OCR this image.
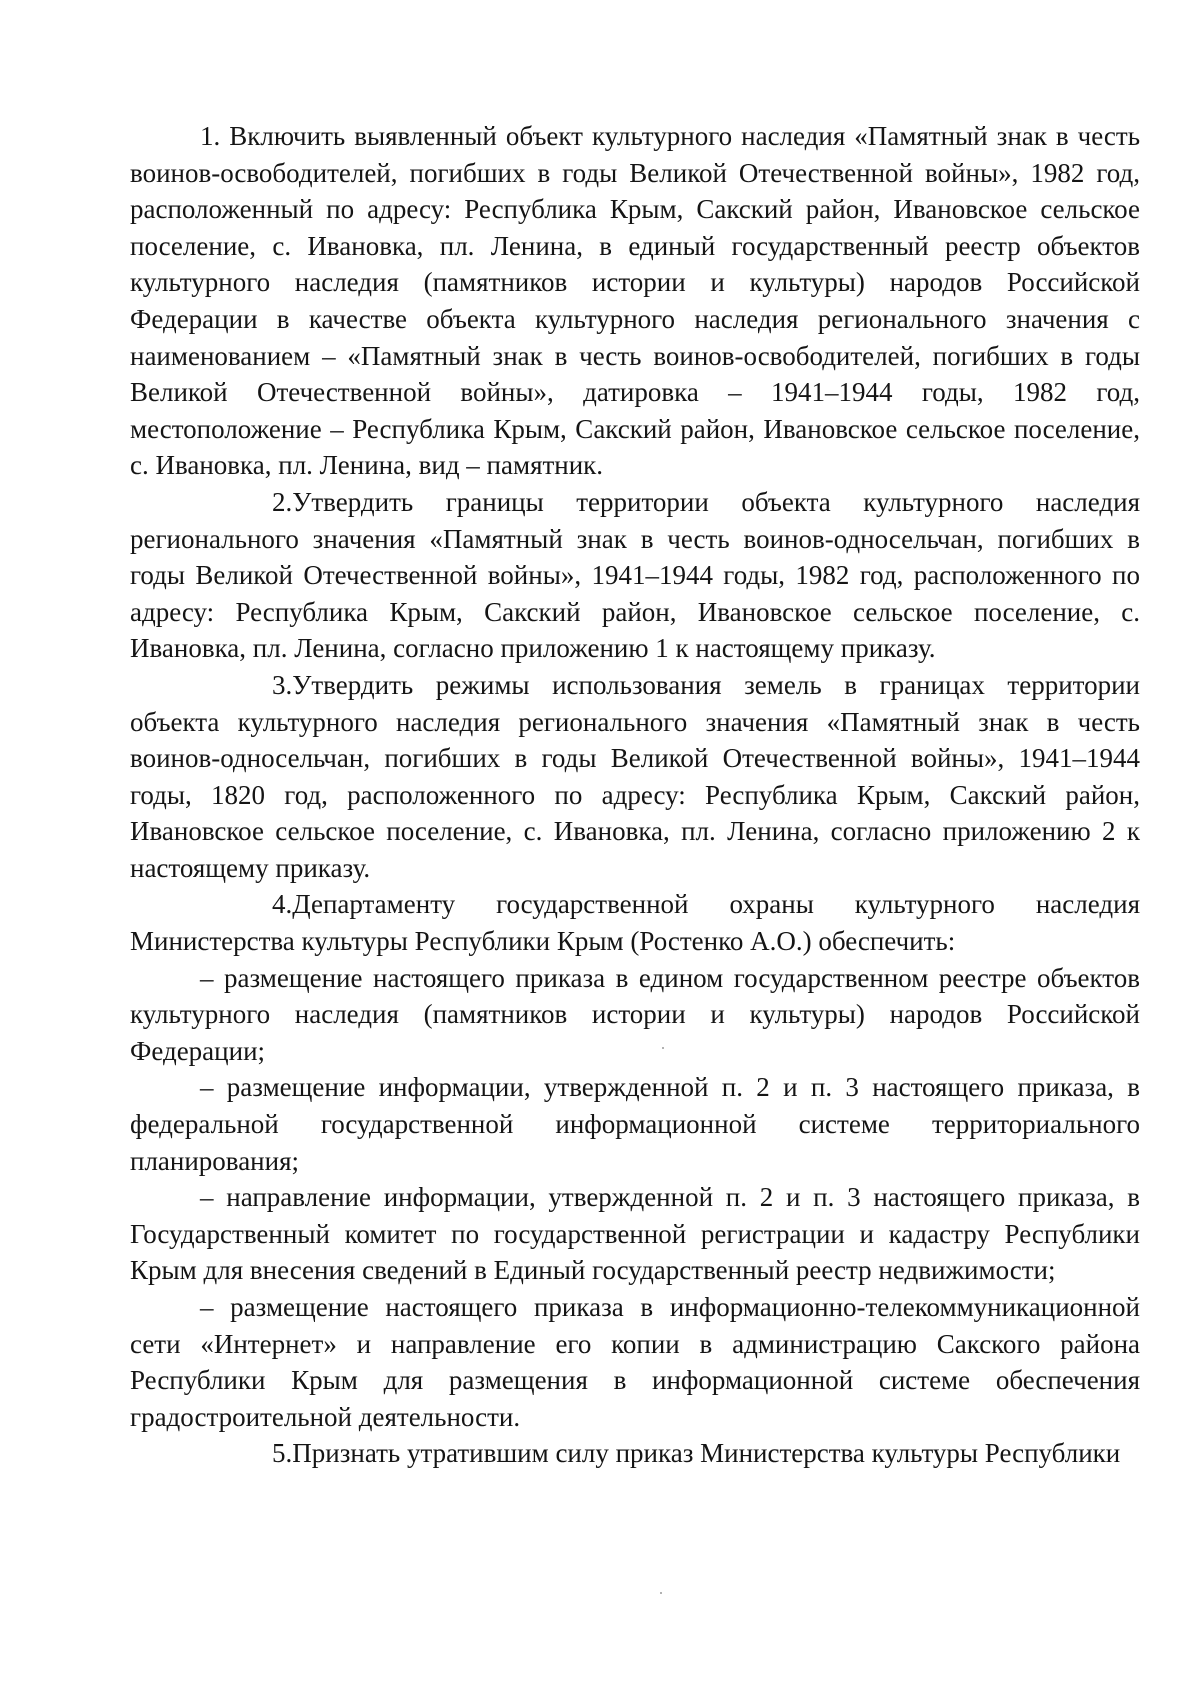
1. Включить выявленный объект культурного наследия «Памятный знак в честь воинов-освободителей, погибших в годы Великой Отечественной войны», 1982 год, расположенный по адресу: Республика Крым, Сакский район, Ивановское сельское поселение, с. Ивановка, пл. Ленина, в единый государственный реестр объектов культурного наследия (памятников истории и культуры) народов Российской Федерации в качестве объекта культурного наследия регионального значения с наименованием – «Памятный знак в честь воинов-освободителей, погибших в годы Великой Отечественной войны», датировка – 1941–1944 годы, 1982 год, местоположение – Республика Крым, Сакский район, Ивановское сельское поселение, с. Ивановка, пл. Ленина, вид – памятник.

2.Утвердить границы территории объекта культурного наследия регионального значения «Памятный знак в честь воинов-односельчан, погибших в годы Великой Отечественной войны», 1941–1944 годы, 1982 год, расположенного по адресу: Республика Крым, Сакский район, Ивановское сельское поселение, с. Ивановка, пл. Ленина, согласно приложению 1 к настоящему приказу.

3.Утвердить режимы использования земель в границах территории объекта культурного наследия регионального значения «Памятный знак в честь воинов-односельчан, погибших в годы Великой Отечественной войны», 1941–1944 годы, 1820 год, расположенного по адресу: Республика Крым, Сакский район, Ивановское сельское поселение, с. Ивановка, пл. Ленина, согласно приложению 2 к настоящему приказу.

4.Департаменту государственной охраны культурного наследия Министерства культуры Республики Крым (Ростенко А.О.) обеспечить:

– размещение настоящего приказа в едином государственном реестре объектов культурного наследия (памятников истории и культуры) народов Российской Федерации;

– размещение информации, утвержденной п. 2 и п. 3 настоящего приказа, в федеральной государственной информационной системе территориального планирования;

– направление информации, утвержденной п. 2 и п. 3 настоящего приказа, в Государственный комитет по государственной регистрации и кадастру Республики Крым для внесения сведений в Единый государственный реестр недвижимости;

– размещение настоящего приказа в информационно-телекоммуникационной сети «Интернет» и направление его копии в администрацию Сакского района Республики Крым для размещения в информационной системе обеспечения градостроительной деятельности.

5.Признать утратившим силу приказ Министерства культуры Республики
